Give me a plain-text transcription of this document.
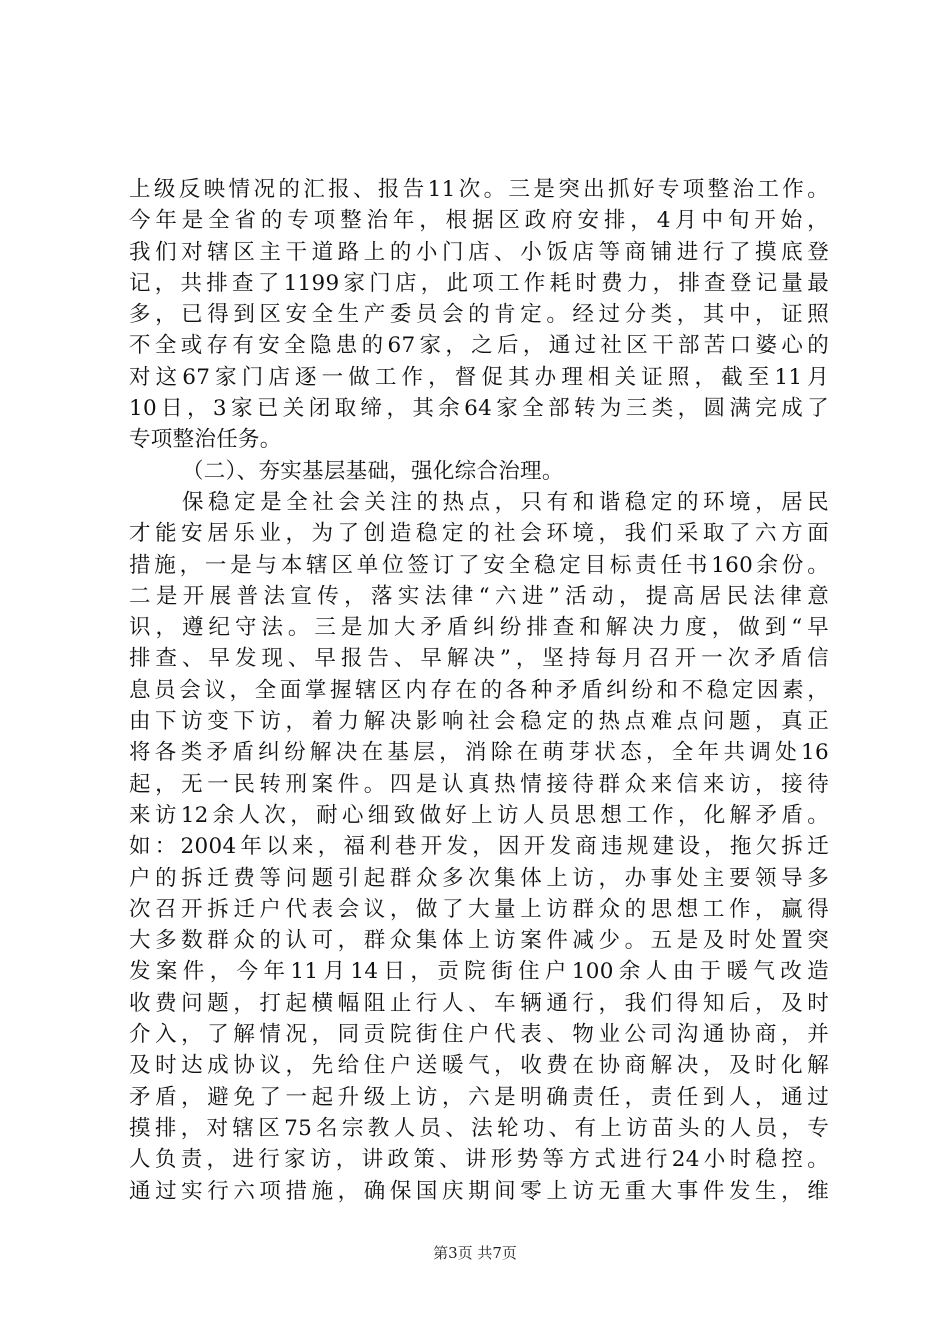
上级反映情况的汇报、报告11次。三是突出抓好专项整治工作。
今年是全省的专项整治年，根据区政府安排，4月中旬开始，
我们对辖区主干道路上的小门店、小饭店等商铺进行了摸底登
记，共排查了1199家门店，此项工作耗时费力，排查登记量最
多，已得到区安全生产委员会的肯定。经过分类，其中，证照
不全或存有安全隐患的67家，之后，通过社区干部苦口婆心的
对这67家门店逐一做工作，督促其办理相关证照，截至11月
10日，3家已关闭取缔，其余64家全部转为三类，圆满完成了
专项整治任务。
（二）、夯实基层基础，强化综合治理。
保稳定是全社会关注的热点，只有和谐稳定的环境，居民
才能安居乐业，为了创造稳定的社会环境，我们采取了六方面
措施，一是与本辖区单位签订了安全稳定目标责任书160余份。
二是开展普法宣传，落实法律“六进”活动，提高居民法律意
识，遵纪守法。三是加大矛盾纠纷排查和解决力度，做到“早
排查、早发现、早报告、早解决”，坚持每月召开一次矛盾信
息员会议，全面掌握辖区内存在的各种矛盾纠纷和不稳定因素，
由下访变下访，着力解决影响社会稳定的热点难点问题，真正
将各类矛盾纠纷解决在基层，消除在萌芽状态，全年共调处16
起，无一民转刑案件。四是认真热情接待群众来信来访，接待
来访12余人次，耐心细致做好上访人员思想工作，化解矛盾。
如：2004年以来，福利巷开发，因开发商违规建设，拖欠拆迁
户的拆迁费等问题引起群众多次集体上访，办事处主要领导多
次召开拆迁户代表会议，做了大量上访群众的思想工作，赢得
大多数群众的认可，群众集体上访案件减少。五是及时处置突
发案件，今年11月14日，贡院街住户100余人由于暖气改造
收费问题，打起横幅阻止行人、车辆通行，我们得知后，及时
介入，了解情况，同贡院街住户代表、物业公司沟通协商，并
及时达成协议，先给住户送暖气，收费在协商解决，及时化解
矛盾，避免了一起升级上访，六是明确责任，责任到人，通过
摸排，对辖区75名宗教人员、法轮功、有上访苗头的人员，专
人负责，进行家访，讲政策、讲形势等方式进行24小时稳控。
通过实行六项措施，确保国庆期间零上访无重大事件发生，维
第3页 共7页
